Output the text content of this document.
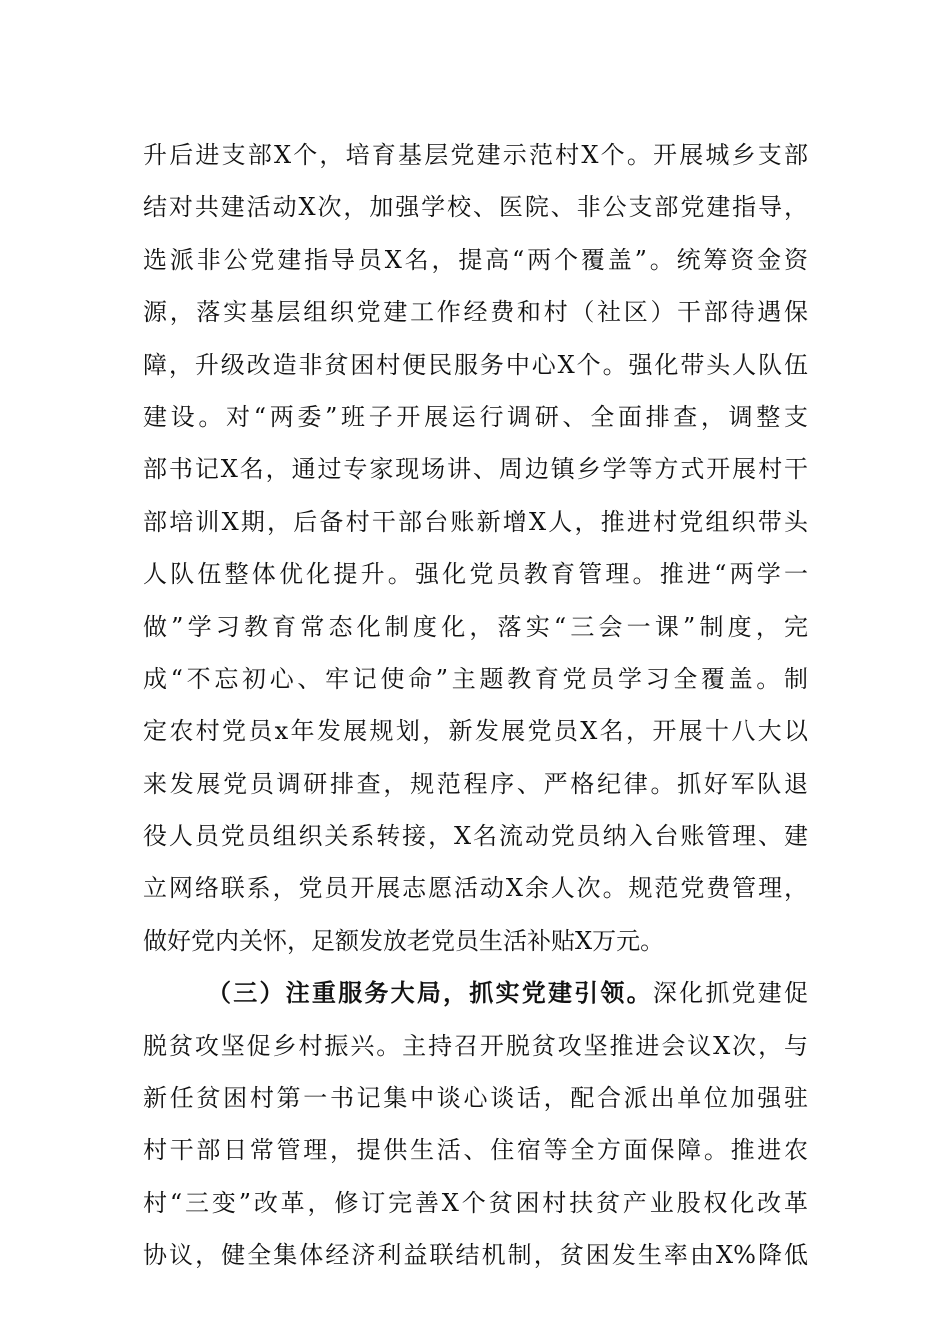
升后进支部X个，培育基层党建示范村X个。开展城乡支部
结对共建活动X次，加强学校、医院、非公支部党建指导，
选派非公党建指导员X名，提高“两个覆盖”。统筹资金资
源，落实基层组织党建工作经费和村（社区）干部待遇保
障，升级改造非贫困村便民服务中心X个。强化带头人队伍
建设。对“两委”班子开展运行调研、全面排查，调整支
部书记X名，通过专家现场讲、周边镇乡学等方式开展村干
部培训X期，后备村干部台账新增X人，推进村党组织带头
人队伍整体优化提升。强化党员教育管理。推进“两学一
做”学习教育常态化制度化，落实“三会一课”制度，完
成“不忘初心、牢记使命”主题教育党员学习全覆盖。制
定农村党员x年发展规划，新发展党员X名，开展十八大以
来发展党员调研排查，规范程序、严格纪律。抓好军队退
役人员党员组织关系转接，X名流动党员纳入台账管理、建
立网络联系，党员开展志愿活动X余人次。规范党费管理，
做好党内关怀，足额发放老党员生活补贴X万元。
（三）注重服务大局，抓实党建引领。深化抓党建促
脱贫攻坚促乡村振兴。主持召开脱贫攻坚推进会议X次，与
新任贫困村第一书记集中谈心谈话，配合派出单位加强驻
村干部日常管理，提供生活、住宿等全方面保障。推进农
村“三变”改革，修订完善X个贫困村扶贫产业股权化改革
协议，健全集体经济利益联结机制，贫困发生率由X%降低
